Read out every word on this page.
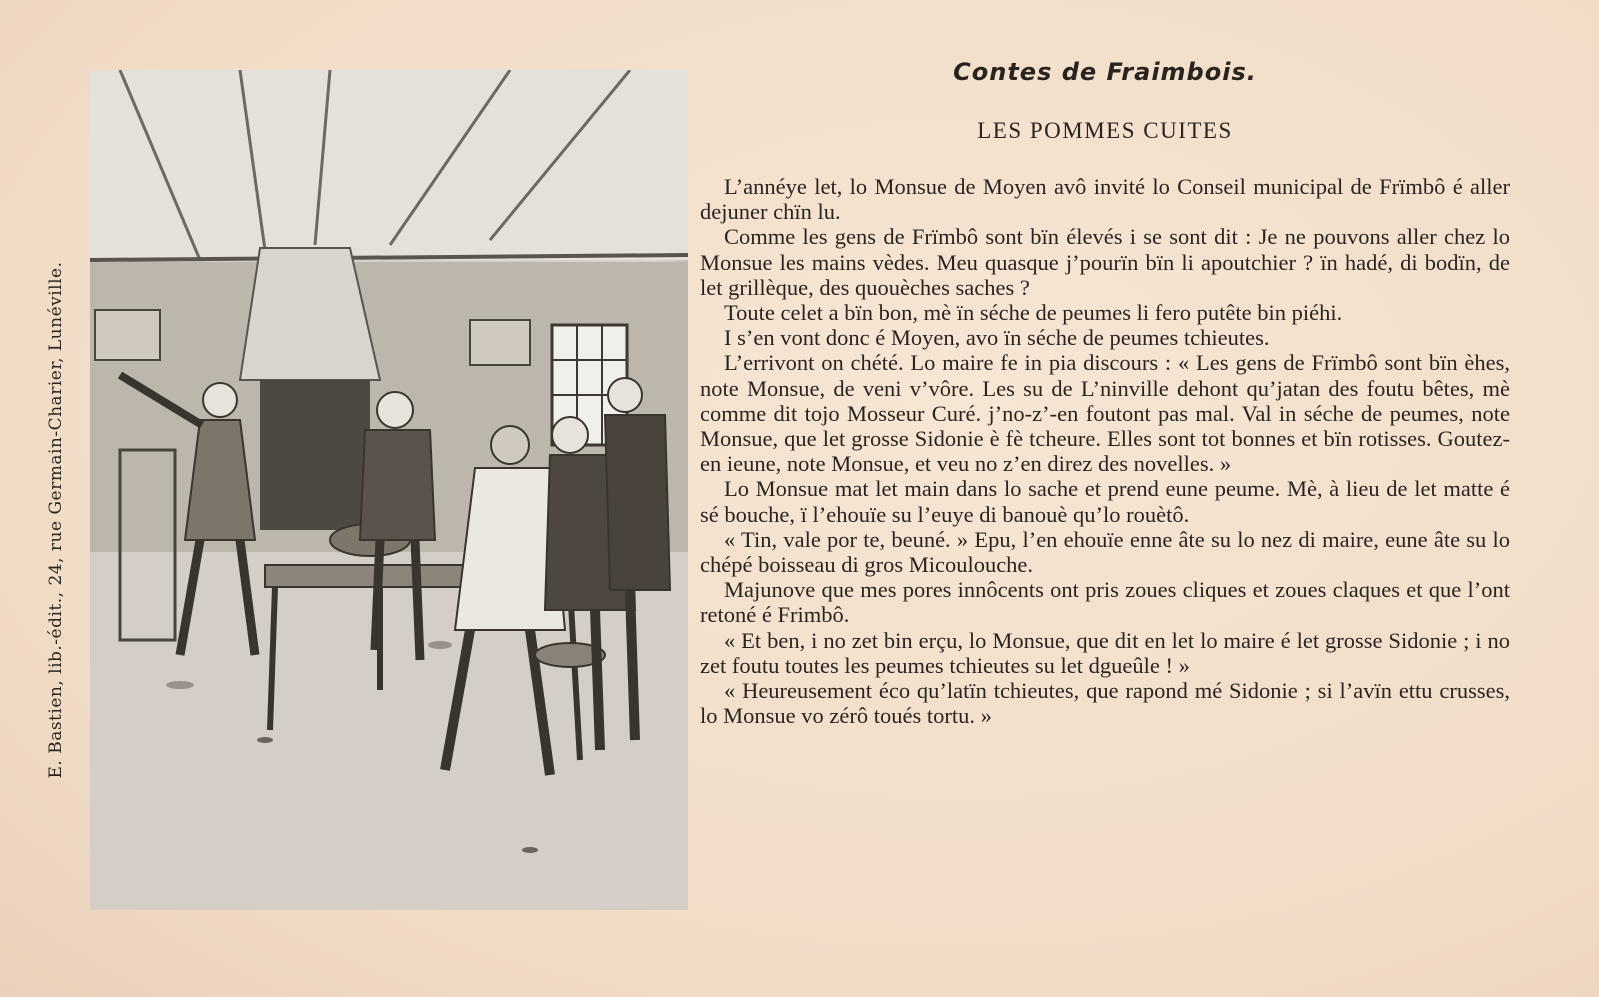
E. Bastien, lib.-édit., 24, rue Germain-Charier, Lunéville.
Contes de Fraimbois.
LES POMMES CUITES

L’annéye let, lo Monsue de Moyen avô invité lo Conseil municipal de Frïmbô é aller dejuner chïn lu.

Comme les gens de Frïmbô sont bïn élevés i se sont dit : Je ne pouvons aller chez lo Monsue les mains vèdes. Meu quasque j’pourïn bïn li apoutchier ? ïn hadé, di bodïn, de let grillèque, des quouèches saches ?

Toute celet a bïn bon, mè ïn séche de peumes li fero putête bin piéhi.

I s’en vont donc é Moyen, avo ïn séche de peumes tchieutes.

L’errivont on chété. Lo maire fe in pia discours : « Les gens de Frïmbô sont bïn èhes, note Monsue, de veni v’vôre. Les su de L’ninville dehont qu’jatan des foutu bêtes, mè comme dit tojo Mosseur Curé. j’no-z’-en foutont pas mal. Val in séche de peumes, note Monsue, que let grosse Sidonie è fè tcheure. Elles sont tot bonnes et bïn rotisses. Goutez-en ieune, note Monsue, et veu no z’en direz des novelles. »

Lo Monsue mat let main dans lo sache et prend eune peume. Mè, à lieu de let matte é sé bouche, ï l’ehouïe su l’euye di banouè qu’lo rouètô.

« Tin, vale por te, beuné. » Epu, l’en ehouïe enne âte su lo nez di maire, eune âte su lo chépé boisseau di gros Micoulouche.

Majunove que mes pores innôcents ont pris zoues cliques et zoues claques et que l’ont retoné é Frimbô.

« Et ben, i no zet bin erçu, lo Monsue, que dit en let lo maire é let grosse Sidonie ; i no zet foutu toutes les peumes tchieutes su let dgueûle ! »

« Heureusement éco qu’latïn tchieutes, que rapond mé Sidonie ; si l’avïn ettu crusses, lo Monsue vo zérô toués tortu. »
